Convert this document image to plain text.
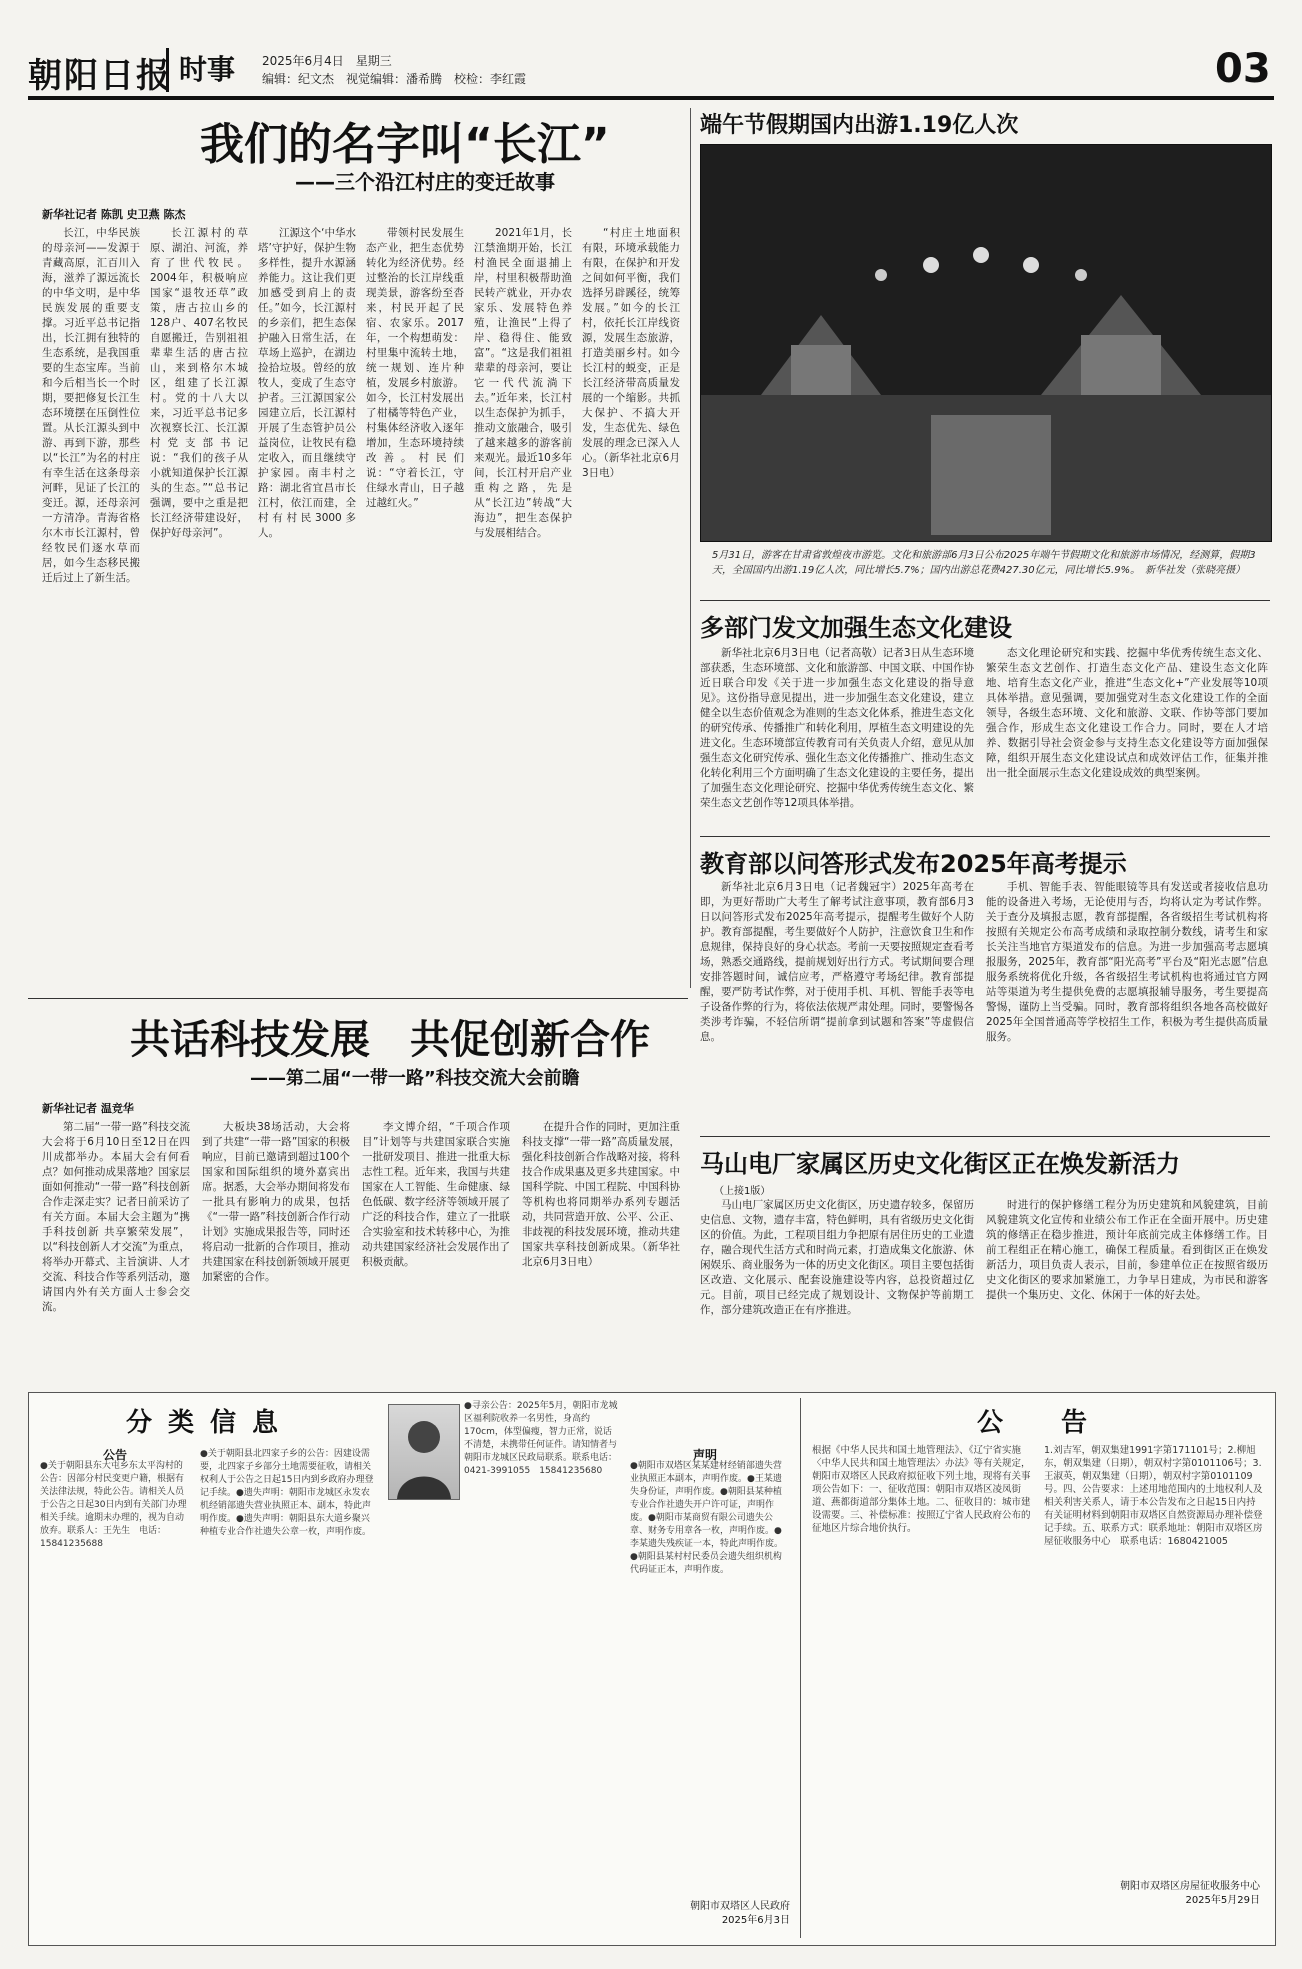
朝阳日报 时事	2025年6月4日　星期三
编辑：纪文杰　视觉编辑：潘希腾　校检：李红霞	03
我们的名字叫“长江”
——三个沿江村庄的变迁故事
新华社记者 陈凯 史卫燕 陈杰

长江，中华民族的母亲河——发源于青藏高原，汇百川入海，滋养了源远流长的中华文明，是中华民族发展的重要支撑。习近平总书记指出，长江拥有独特的生态系统，是我国重要的生态宝库。当前和今后相当长一个时期，要把修复长江生态环境摆在压倒性位置。从长江源头到中游、再到下游，那些以“长江”为名的村庄有幸生活在这条母亲河畔，见证了长江的变迁。源，还母亲河一方清净。青海省格尔木市长江源村，曾经牧民们逐水草而居，如今生态移民搬迁后过上了新生活。

长江源村的草原、湖泊、河流，养育了世代牧民。2004年，积极响应国家“退牧还草”政策，唐古拉山乡的128户、407名牧民自愿搬迁，告别祖祖辈辈生活的唐古拉山，来到格尔木城区，组建了长江源村。党的十八大以来，习近平总书记多次视察长江、长江源村党支部书记说：“我们的孩子从小就知道保护长江源头的生态。”“总书记强调，要中之重是把长江经济带建设好，保护好母亲河”。

江源这个‘中华水塔’守护好，保护生物多样性，提升水源涵养能力。这让我们更加感受到肩上的责任。”如今，长江源村的乡亲们，把生态保护融入日常生活，在草场上巡护，在湖边捡拾垃圾。曾经的放牧人，变成了生态守护者。三江源国家公园建立后，长江源村开展了生态管护员公益岗位，让牧民有稳定收入，而且继续守护家园。南丰村之路：湖北省宜昌市长江村，依江而建，全村有村民3000多人。

带领村民发展生态产业，把生态优势转化为经济优势。经过整治的长江岸线重现美景，游客纷至沓来，村民开起了民宿、农家乐。2017年，一个构想萌发：村里集中流转土地，统一规划、连片种植，发展乡村旅游。如今，长江村发展出了柑橘等特色产业，村集体经济收入逐年增加，生态环境持续改善。村民们说：“守着长江，守住绿水青山，日子越过越红火。”

2021年1月，长江禁渔期开始，长江村渔民全面退捕上岸，村里积极帮助渔民转产就业，开办农家乐、发展特色养殖，让渔民“上得了岸、稳得住、能致富”。“这是我们祖祖辈辈的母亲河，要让它一代代流淌下去。”近年来，长江村以生态保护为抓手，推动文旅融合，吸引了越来越多的游客前来观光。最近10多年间，长江村开启产业重构之路，先是从“长江边”转战“大海边”，把生态保护与发展相结合。

“村庄土地面积有限，环境承载能力有限，在保护和开发之间如何平衡，我们选择另辟蹊径，统筹发展。”如今的长江村，依托长江岸线资源，发展生态旅游，打造美丽乡村。如今长江村的蜕变，正是长江经济带高质量发展的一个缩影。共抓大保护、不搞大开发，生态优先、绿色发展的理念已深入人心。（新华社北京6月3日电）

端午节假期国内出游1.19亿人次
5月31日，游客在甘肃省敦煌夜市游览。文化和旅游部6月3日公布2025年端午节假期文化和旅游市场情况，经测算，假期3天，全国国内出游1.19亿人次，同比增长5.7%；国内出游总花费427.30亿元，同比增长5.9%。　新华社发（张晓亮摄）
多部门发文加强生态文化建设

新华社北京6月3日电（记者高敬）记者3日从生态环境部获悉，生态环境部、文化和旅游部、中国文联、中国作协近日联合印发《关于进一步加强生态文化建设的指导意见》。这份指导意见提出，进一步加强生态文化建设，建立健全以生态价值观念为准则的生态文化体系，推进生态文化的研究传承、传播推广和转化利用，厚植生态文明建设的先进文化。生态环境部宣传教育司有关负责人介绍，意见从加强生态文化研究传承、强化生态文化传播推广、推动生态文化转化利用三个方面明确了生态文化建设的主要任务，提出了加强生态文化理论研究、挖掘中华优秀传统生态文化、繁荣生态文艺创作等12项具体举措。

态文化理论研究和实践、挖掘中华优秀传统生态文化、繁荣生态文艺创作、打造生态文化产品、建设生态文化阵地、培育生态文化产业，推进“生态文化+”产业发展等10项具体举措。意见强调，要加强党对生态文化建设工作的全面领导，各级生态环境、文化和旅游、文联、作协等部门要加强合作，形成生态文化建设工作合力。同时，要在人才培养、数据引导社会资金参与支持生态文化建设等方面加强保障，组织开展生态文化建设试点和成效评估工作，征集并推出一批全面展示生态文化建设成效的典型案例。

教育部以问答形式发布2025年高考提示

新华社北京6月3日电（记者魏冠宇）2025年高考在即，为更好帮助广大考生了解考试注意事项，教育部6月3日以问答形式发布2025年高考提示，提醒考生做好个人防护。教育部提醒，考生要做好个人防护，注意饮食卫生和作息规律，保持良好的身心状态。考前一天要按照规定查看考场，熟悉交通路线，提前规划好出行方式。考试期间要合理安排答题时间，诚信应考，严格遵守考场纪律。教育部提醒，要严防考试作弊，对于使用手机、耳机、智能手表等电子设备作弊的行为，将依法依规严肃处理。同时，要警惕各类涉考诈骗，不轻信所谓“提前拿到试题和答案”等虚假信息。

手机、智能手表、智能眼镜等具有发送或者接收信息功能的设备进入考场，无论使用与否，均将认定为考试作弊。关于查分及填报志愿，教育部提醒，各省级招生考试机构将按照有关规定公布高考成绩和录取控制分数线，请考生和家长关注当地官方渠道发布的信息。为进一步加强高考志愿填报服务，2025年，教育部“阳光高考”平台及“阳光志愿”信息服务系统将优化升级，各省级招生考试机构也将通过官方网站等渠道为考生提供免费的志愿填报辅导服务，考生要提高警惕，谨防上当受骗。同时，教育部将组织各地各高校做好2025年全国普通高等学校招生工作，积极为考生提供高质量服务。

共话科技发展　共促创新合作
——第二届“一带一路”科技交流大会前瞻
新华社记者 温竞华

第二届“一带一路”科技交流大会将于6月10日至12日在四川成都举办。本届大会有何看点？如何推动成果落地？国家层面如何推动“一带一路”科技创新合作走深走实？记者日前采访了有关方面。本届大会主题为“携手科技创新 共享繁荣发展”，以“科技创新人才交流”为重点，将举办开幕式、主旨演讲、人才交流、科技合作等系列活动，邀请国内外有关方面人士参会交流。

大板块38场活动，大会将到了共建“一带一路”国家的积极响应，目前已邀请到超过100个国家和国际组织的境外嘉宾出席。据悉，大会举办期间将发布一批具有影响力的成果，包括《“一带一路”科技创新合作行动计划》实施成果报告等，同时还将启动一批新的合作项目，推动共建国家在科技创新领域开展更加紧密的合作。

李文博介绍，“千项合作项目”计划等与共建国家联合实施一批研发项目、推进一批重大标志性工程。近年来，我国与共建国家在人工智能、生命健康、绿色低碳、数字经济等领域开展了广泛的科技合作，建立了一批联合实验室和技术转移中心，为推动共建国家经济社会发展作出了积极贡献。

在提升合作的同时，更加注重科技支撑“一带一路”高质量发展，强化科技创新合作战略对接，将科技合作成果惠及更多共建国家。中国科学院、中国工程院、中国科协等机构也将同期举办系列专题活动，共同营造开放、公平、公正、非歧视的科技发展环境，推动共建国家共享科技创新成果。（新华社北京6月3日电）

马山电厂家属区历史文化街区正在焕发新活力
（上接1版）

马山电厂家属区历史文化街区，历史遗存较多，保留历史信息、文物，遗存丰富，特色鲜明，具有省级历史文化街区的价值。为此，工程项目组力争把原有居住历史的工业遗存，融合现代生活方式和时尚元素，打造成集文化旅游、休闲娱乐、商业服务为一体的历史文化街区。项目主要包括街区改造、文化展示、配套设施建设等内容，总投资超过亿元。目前，项目已经完成了规划设计、文物保护等前期工作，部分建筑改造正在有序推进。

时进行的保护修缮工程分为历史建筑和风貌建筑，目前风貌建筑文化宣传和业绩公布工作正在全面开展中。历史建筑的修缮正在稳步推进，预计年底前完成主体修缮工作。目前工程组正在精心施工，确保工程质量。看到街区正在焕发新活力，项目负责人表示，目前，参建单位正在按照省级历史文化街区的要求加紧施工，力争早日建成，为市民和游客提供一个集历史、文化、休闲于一体的好去处。

分类信息
公告

●关于朝阳县东大屯乡东太平沟村的公告：因部分村民变更户籍，根据有关法律法规，特此公告。请相关人员于公告之日起30日内到有关部门办理相关手续。逾期未办理的，视为自动放弃。联系人：王先生　电话：15841235688

●关于朝阳县北四家子乡的公告：因建设需要，北四家子乡部分土地需要征收，请相关权利人于公告之日起15日内到乡政府办理登记手续。●遗失声明：朝阳市龙城区永发农机经销部遗失营业执照正本、副本，特此声明作废。●遗失声明：朝阳县东大道乡聚兴种植专业合作社遗失公章一枚，声明作废。

●寻亲公告：2025年5月，朝阳市龙城区福利院收养一名男性，身高约170cm，体型偏瘦，智力正常，说话不清楚，未携带任何证件。请知情者与朝阳市龙城区民政局联系。联系电话：0421-3991055　15841235680

声明

●朝阳市双塔区某某建材经销部遗失营业执照正本副本，声明作废。●王某遗失身份证，声明作废。●朝阳县某种植专业合作社遗失开户许可证，声明作废。●朝阳市某商贸有限公司遗失公章、财务专用章各一枚，声明作废。●李某遗失残疾证一本，特此声明作废。●朝阳县某村村民委员会遗失组织机构代码证正本，声明作废。

公　告

根据《中华人民共和国土地管理法》、《辽宁省实施〈中华人民共和国土地管理法〉办法》等有关规定，朝阳市双塔区人民政府拟征收下列土地，现将有关事项公告如下：一、征收范围：朝阳市双塔区凌凤街道、燕都街道部分集体土地。二、征收目的：城市建设需要。三、补偿标准：按照辽宁省人民政府公布的征地区片综合地价执行。

1.刘吉军，朝双集建1991字第171101号；2.柳旭东，朝双集建（日期），朝双村字第0101106号；3.王淑英，朝双集建（日期），朝双村字第0101109号。四、公告要求：上述用地范围内的土地权利人及相关利害关系人，请于本公告发布之日起15日内持有关证明材料到朝阳市双塔区自然资源局办理补偿登记手续。五、联系方式：联系地址：朝阳市双塔区房屋征收服务中心　联系电话：1680421005

朝阳市双塔区房屋征收服务中心
2025年5月29日
朝阳市双塔区人民政府
2025年6月3日
